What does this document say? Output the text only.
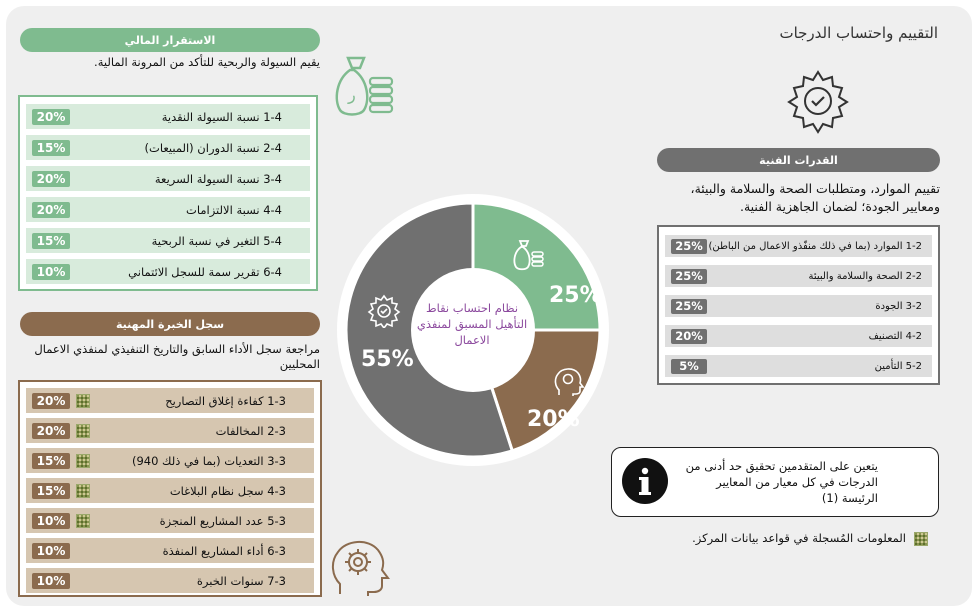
التقييم واحتساب الدرجات
القدرات الفنية
تقييم الموارد، ومتطلبات الصحة والسلامة والبيئة، ومعايير الجودة؛ لضمان الجاهزية الفنية.
25% 1-2 الموارد (بما في ذلك منفّذو الاعمال من الباطن)
25%	2-2 الصحة والسلامة والبيئة
25%	3-2 الجودة
20%	4-2 التصنيف
5%	5-2 التأمين
يتعين على المتقدمين تحقيق حد أدنى من الدرجات في كل معيار من المعايير الرئيسة (1)
المعلومات المُسجلة في قواعد بيانات المركز.
الاستقرار المالي
يقيم السيولة والربحية للتأكد من المرونة المالية.
ر
20%	1-4 نسبة السيولة النقدية
15%	2-4 نسبة الدوران (المبيعات)
20%	3-4 نسبة السيولة السريعة
20%	4-4 نسبة الالتزامات
15%	5-4 التغير في نسبة الربحية
10%	6-4 تقرير سمة للسجل الائتماني
سجل الخبرة المهنية
مراجعة سجل الأداء السابق والتاريخ التنفيذي لمنفذي الاعمال المحليين
20%	1-3 كفاءة إغلاق التصاريح
20%	2-3 المخالفات
15%	3-3 التعديات (بما في ذلك 940)
15%	4-3 سجل نظام البلاغات
10%	5-3 عدد المشاريع المنجزة
10%	6-3 أداء المشاريع المنفذة
10%	7-3 سنوات الخبرة
25%
20%
55%
نظام احتساب نقاط التأهيل المسبق لمنفذي الاعمال
